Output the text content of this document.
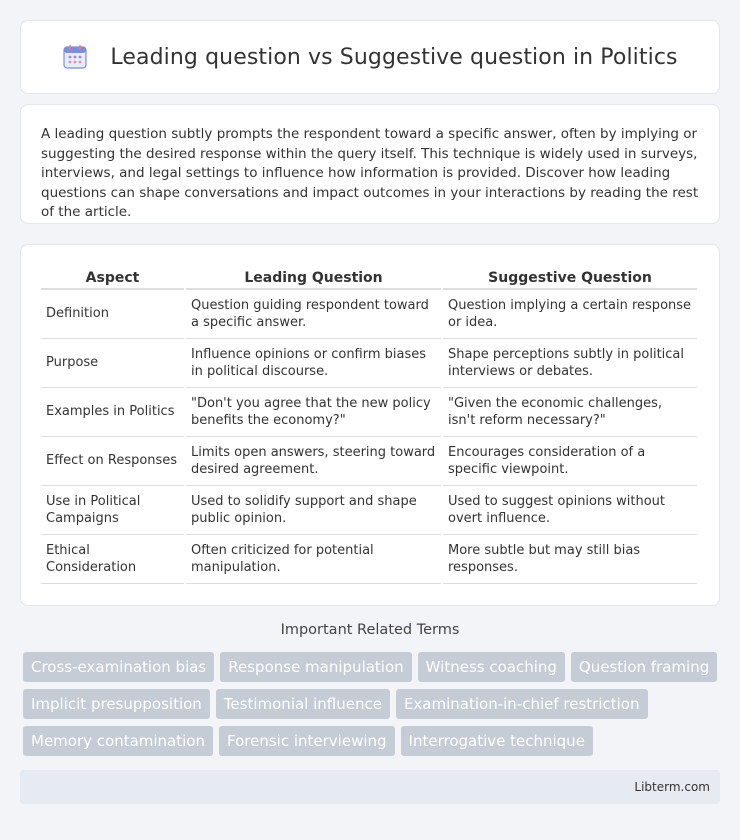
Leading question vs Suggestive question in Politics

A leading question subtly prompts the respondent toward a specific answer, often by implying or suggesting the desired response within the query itself. This technique is widely used in surveys, interviews, and legal settings to influence how information is provided. Discover how leading questions can shape conversations and impact outcomes in your interactions by reading the rest of the article.

Aspect	Leading Question	Suggestive Question
Definition	Question guiding respondent toward a specific answer.	Question implying a certain response or idea.
Purpose	Influence opinions or confirm biases in political discourse.	Shape perceptions subtly in political interviews or debates.
Examples in Politics	"Don't you agree that the new policy benefits the economy?"	"Given the economic challenges, isn't reform necessary?"
Effect on Responses	Limits open answers, steering toward desired agreement.	Encourages consideration of a specific viewpoint.
Use in Political Campaigns	Used to solidify support and shape public opinion.	Used to suggest opinions without overt influence.
Ethical Consideration	Often criticized for potential manipulation.	More subtle but may still bias responses.
Important Related Terms
Cross-examination bias	Response manipulation	Witness coaching	Question framing
Implicit presupposition	Testimonial influence	Examination-in-chief restriction
Memory contamination	Forensic interviewing	Interrogative technique
Libterm.com
